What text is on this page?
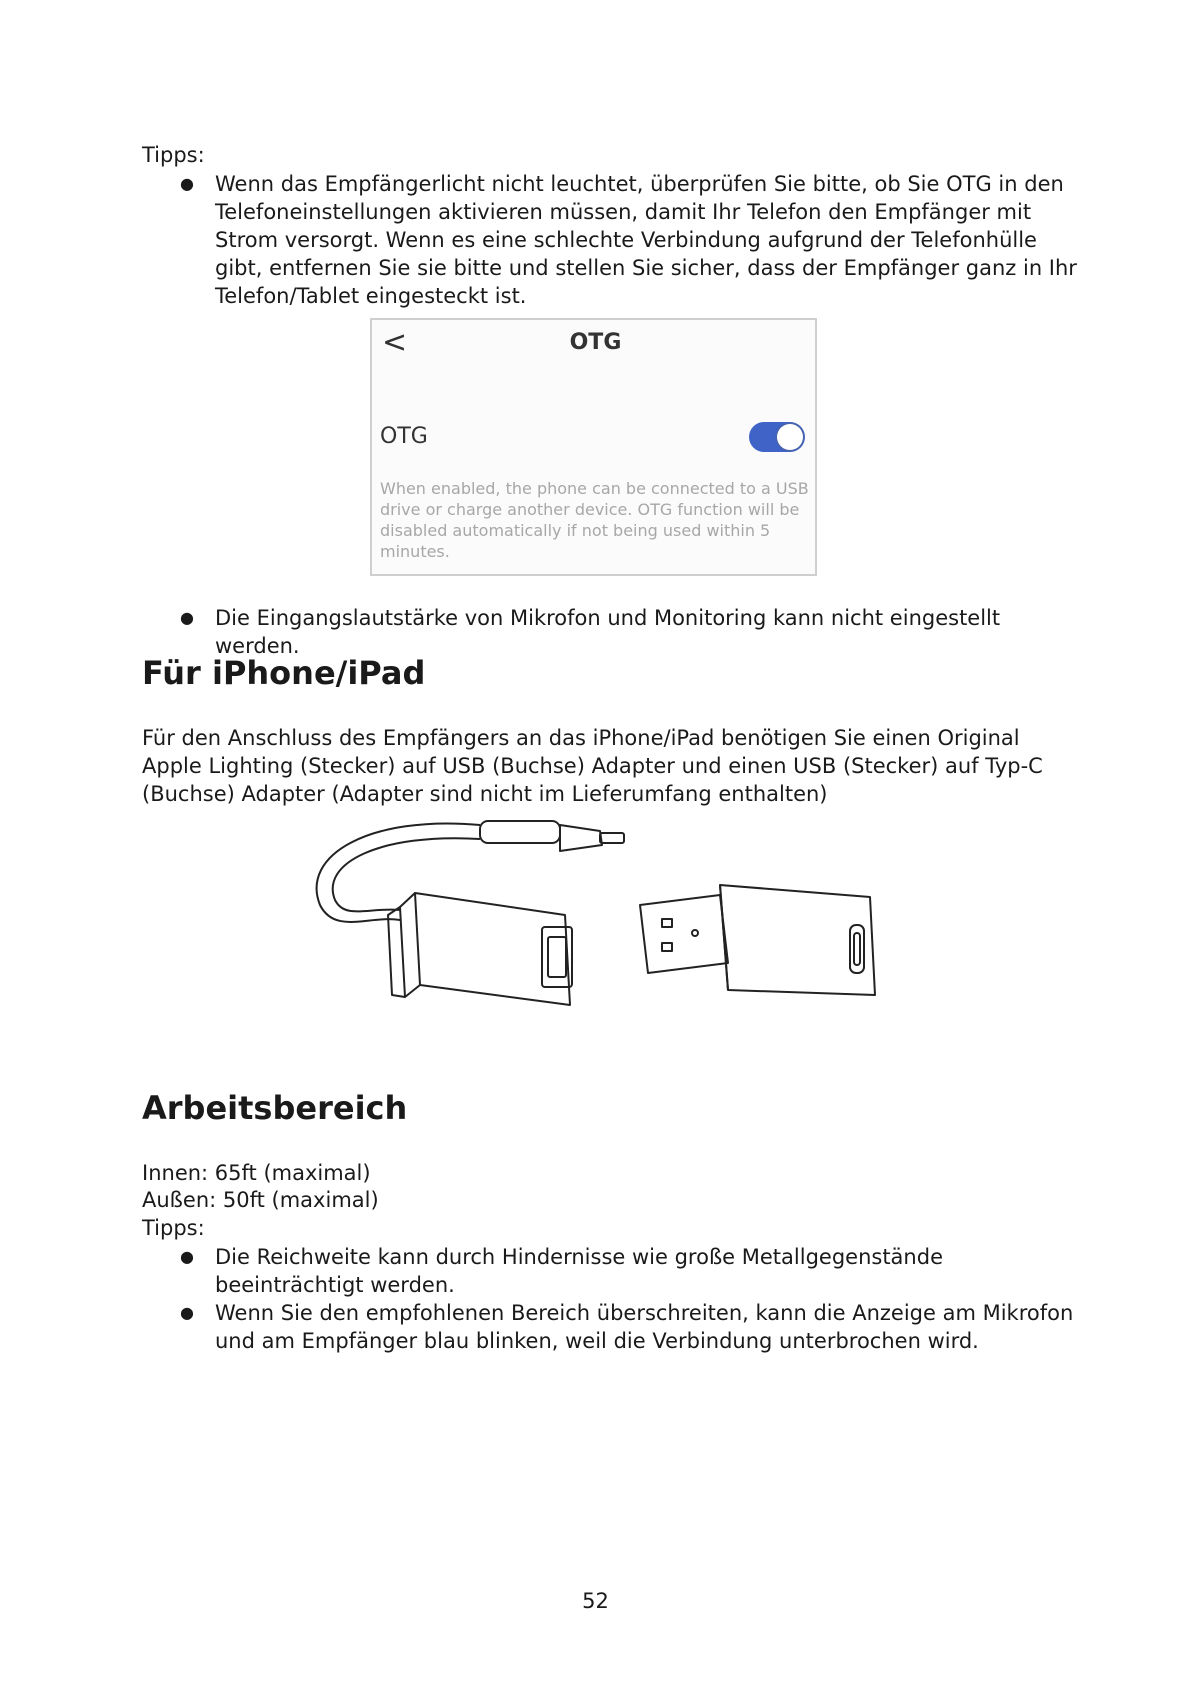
Tipps:
● Wenn das Empfängerlicht nicht leuchtet, überprüfen Sie bitte, ob Sie OTG in den Telefoneinstellungen aktivieren müssen, damit Ihr Telefon den Empfänger mit Strom versorgt. Wenn es eine schlechte Verbindung aufgrund der Telefonhülle gibt, entfernen Sie sie bitte und stellen Sie sicher, dass der Empfänger ganz in Ihr Telefon/Tablet eingesteckt ist.
<	OTG
OTG
When enabled, the phone can be connected to a USB drive or charge another device. OTG function will be disabled automatically if not being used within 5 minutes.
● Die Eingangslautstärke von Mikrofon und Monitoring kann nicht eingestellt werden.
Für iPhone/iPad
Für den Anschluss des Empfängers an das iPhone/iPad benötigen Sie einen Original Apple Lighting (Stecker) auf USB (Buchse) Adapter und einen USB (Stecker) auf Typ-C (Buchse) Adapter (Adapter sind nicht im Lieferumfang enthalten)
Arbeitsbereich
Innen: 65ft (maximal)
Außen: 50ft (maximal)
Tipps:
● Die Reichweite kann durch Hindernisse wie große Metallgegenstände beeinträchtigt werden.
● Wenn Sie den empfohlenen Bereich überschreiten, kann die Anzeige am Mikrofon und am Empfänger blau blinken, weil die Verbindung unterbrochen wird.
52
